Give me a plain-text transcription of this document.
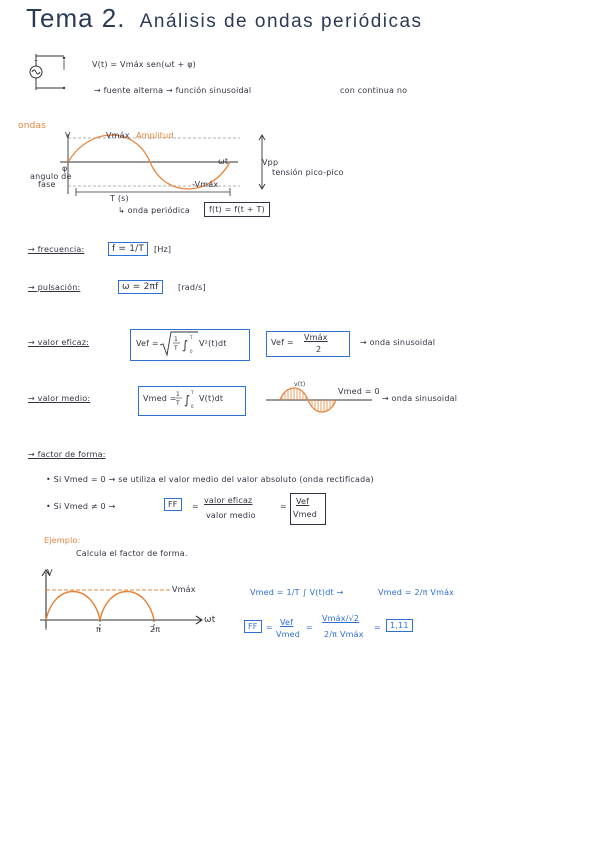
Tema 2. Análisis de ondas periódicas
+	V(t) = Vmáx sen(ωt + φ)
→ fuente alterna → función sinusoidal	con continua no
ondas
V	Vmáx Amplitud
ωt
φ
angulo de
fase	-Vmáx
Vpp
tensión pico-pico
T (s)
↳ onda periódica	f(t) = f(t + T)
→ frecuencia:	f = 1/T	[Hz]
→ pulsación:	ω = 2πf	[rad/s]
→ valor eficaz:	Vef =	1
T ∫
T
0
V²(t)dt	Vef =
Vmáx
2
→ onda sinusoidal
→ valor medio:	Vmed = 1
T ∫
T
0
V(t)dt
v(t)
Vmed = 0
→ onda sinusoidal
→ factor de forma:
• Si Vmed = 0 → se utiliza el valor medio del valor absoluto (onda rectificada)
• Si Vmed ≠ 0 →	FF	=
valor eficaz
valor medio
=
Vef
Vmed
Ejemplo:
Calcula el factor de forma.
V
Vmáx
ωt
π	2π
Vmed = 1/T ∫ V(t)dt →	Vmed = 2/π Vmáx
FF	=
Vef
Vmed
=
Vmáx/√2
2/π Vmáx
=	1,11
